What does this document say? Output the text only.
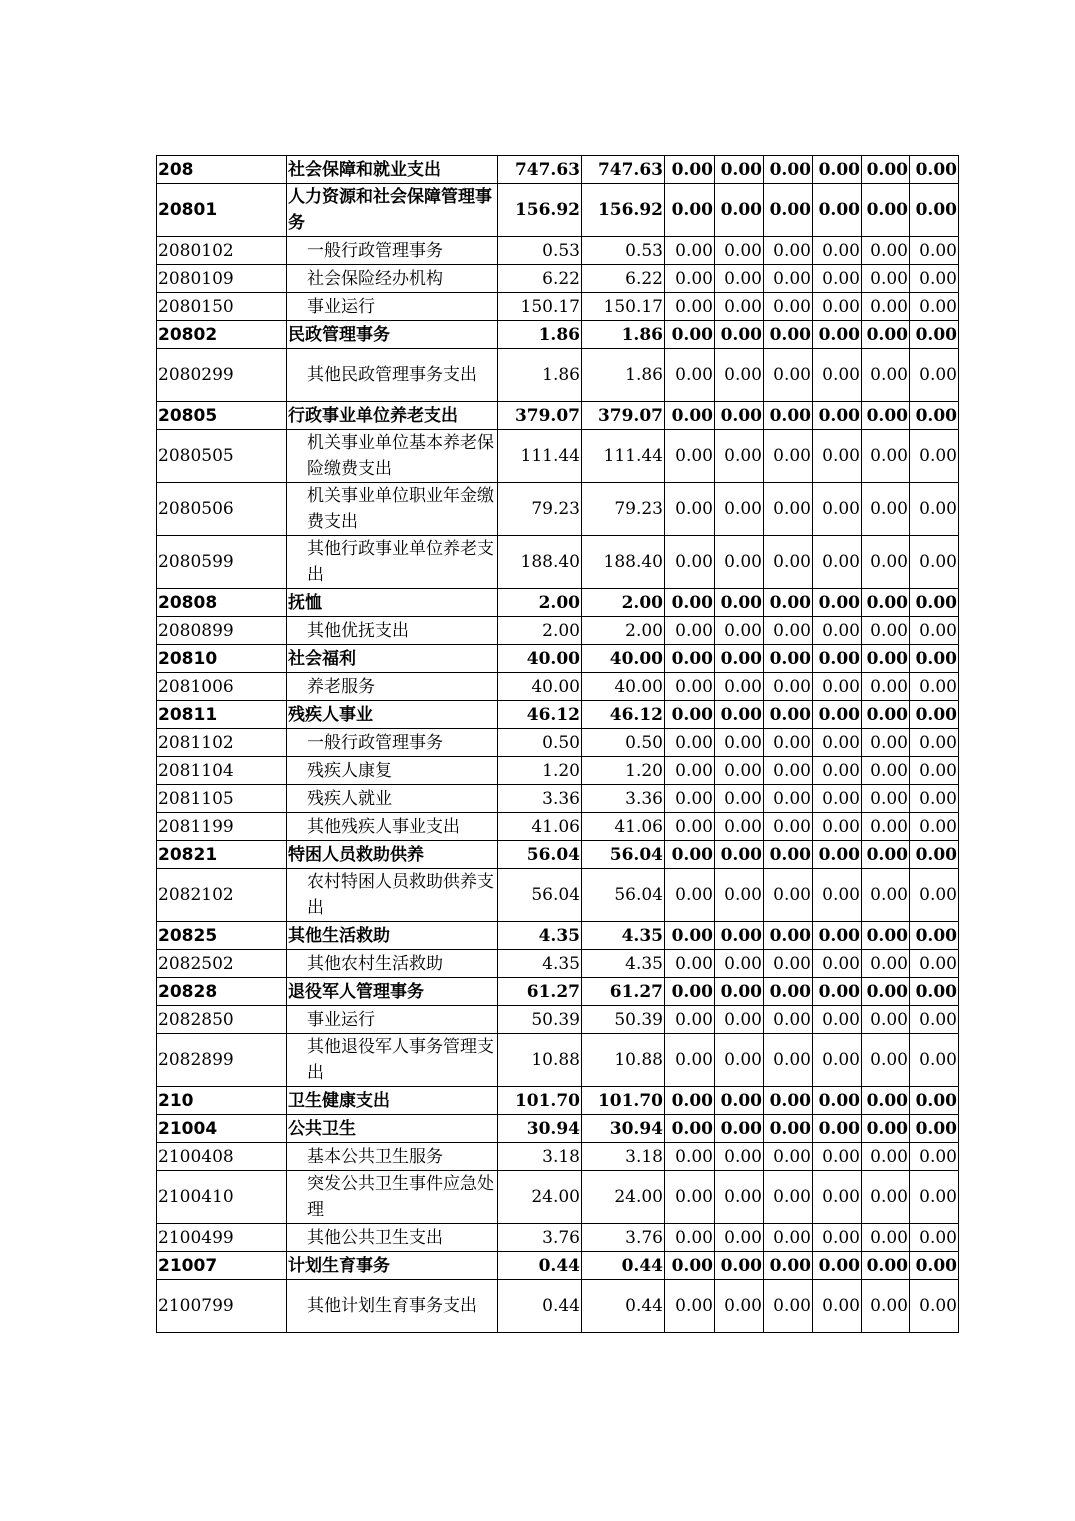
208	社会保障和就业支出	747.63	747.63	0.00	0.00	0.00	0.00	0.00	0.00
20801	人力资源和社会保障管理事务	156.92	156.92	0.00	0.00	0.00	0.00	0.00	0.00
2080102	一般行政管理事务	0.53	0.53	0.00	0.00	0.00	0.00	0.00	0.00
2080109	社会保险经办机构	6.22	6.22	0.00	0.00	0.00	0.00	0.00	0.00
2080150	事业运行	150.17	150.17	0.00	0.00	0.00	0.00	0.00	0.00
20802	民政管理事务	1.86	1.86	0.00	0.00	0.00	0.00	0.00	0.00
2080299	其他民政管理事务支出	1.86	1.86	0.00	0.00	0.00	0.00	0.00	0.00
20805	行政事业单位养老支出	379.07	379.07	0.00	0.00	0.00	0.00	0.00	0.00
2080505	机关事业单位基本养老保险缴费支出	111.44	111.44	0.00	0.00	0.00	0.00	0.00	0.00
2080506	机关事业单位职业年金缴费支出	79.23	79.23	0.00	0.00	0.00	0.00	0.00	0.00
2080599	其他行政事业单位养老支出	188.40	188.40	0.00	0.00	0.00	0.00	0.00	0.00
20808	抚恤	2.00	2.00	0.00	0.00	0.00	0.00	0.00	0.00
2080899	其他优抚支出	2.00	2.00	0.00	0.00	0.00	0.00	0.00	0.00
20810	社会福利	40.00	40.00	0.00	0.00	0.00	0.00	0.00	0.00
2081006	养老服务	40.00	40.00	0.00	0.00	0.00	0.00	0.00	0.00
20811	残疾人事业	46.12	46.12	0.00	0.00	0.00	0.00	0.00	0.00
2081102	一般行政管理事务	0.50	0.50	0.00	0.00	0.00	0.00	0.00	0.00
2081104	残疾人康复	1.20	1.20	0.00	0.00	0.00	0.00	0.00	0.00
2081105	残疾人就业	3.36	3.36	0.00	0.00	0.00	0.00	0.00	0.00
2081199	其他残疾人事业支出	41.06	41.06	0.00	0.00	0.00	0.00	0.00	0.00
20821	特困人员救助供养	56.04	56.04	0.00	0.00	0.00	0.00	0.00	0.00
2082102	农村特困人员救助供养支出	56.04	56.04	0.00	0.00	0.00	0.00	0.00	0.00
20825	其他生活救助	4.35	4.35	0.00	0.00	0.00	0.00	0.00	0.00
2082502	其他农村生活救助	4.35	4.35	0.00	0.00	0.00	0.00	0.00	0.00
20828	退役军人管理事务	61.27	61.27	0.00	0.00	0.00	0.00	0.00	0.00
2082850	事业运行	50.39	50.39	0.00	0.00	0.00	0.00	0.00	0.00
2082899	其他退役军人事务管理支出	10.88	10.88	0.00	0.00	0.00	0.00	0.00	0.00
210	卫生健康支出	101.70	101.70	0.00	0.00	0.00	0.00	0.00	0.00
21004	公共卫生	30.94	30.94	0.00	0.00	0.00	0.00	0.00	0.00
2100408	基本公共卫生服务	3.18	3.18	0.00	0.00	0.00	0.00	0.00	0.00
2100410	突发公共卫生事件应急处理	24.00	24.00	0.00	0.00	0.00	0.00	0.00	0.00
2100499	其他公共卫生支出	3.76	3.76	0.00	0.00	0.00	0.00	0.00	0.00
21007	计划生育事务	0.44	0.44	0.00	0.00	0.00	0.00	0.00	0.00
2100799	其他计划生育事务支出	0.44	0.44	0.00	0.00	0.00	0.00	0.00	0.00
